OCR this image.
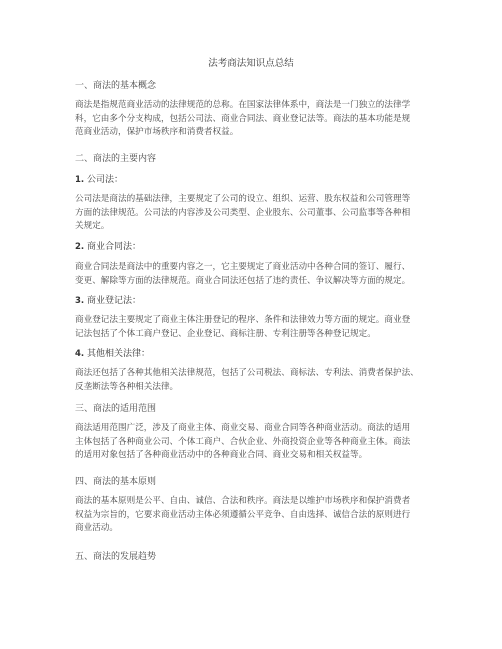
法考商法知识点总结
一、商法的基本概念
商法是指规范商业活动的法律规范的总称。在国家法律体系中，商法是一门独立的法律学
科，它由多个分支构成，包括公司法、商业合同法、商业登记法等。商法的基本功能是规
范商业活动，保护市场秩序和消费者权益。
二、商法的主要内容
1. 公司法：
公司法是商法的基础法律，主要规定了公司的设立、组织、运营、股东权益和公司管理等
方面的法律规范。公司法的内容涉及公司类型、企业股东、公司董事、公司监事等各种相
关规定。
2. 商业合同法：
商业合同法是商法中的重要内容之一，它主要规定了商业活动中各种合同的签订、履行、
变更、解除等方面的法律规范。商业合同法还包括了违约责任、争议解决等方面的规定。
3. 商业登记法：
商业登记法主要规定了商业主体注册登记的程序、条件和法律效力等方面的规定。商业登
记法包括了个体工商户登记、企业登记、商标注册、专利注册等各种登记规定。
4. 其他相关法律：
商法还包括了各种其他相关法律规范，包括了公司税法、商标法、专利法、消费者保护法、
反垄断法等各种相关法律。
三、商法的适用范围
商法适用范围广泛，涉及了商业主体、商业交易、商业合同等各种商业活动。商法的适用
主体包括了各种商业公司、个体工商户、合伙企业、外商投资企业等各种商业主体。商法
的适用对象包括了各种商业活动中的各种商业合同、商业交易和相关权益等。
四、商法的基本原则
商法的基本原则是公平、自由、诚信、合法和秩序。商法是以维护市场秩序和保护消费者
权益为宗旨的，它要求商业活动主体必须遵循公平竞争、自由选择、诚信合法的原则进行
商业活动。
五、商法的发展趋势
